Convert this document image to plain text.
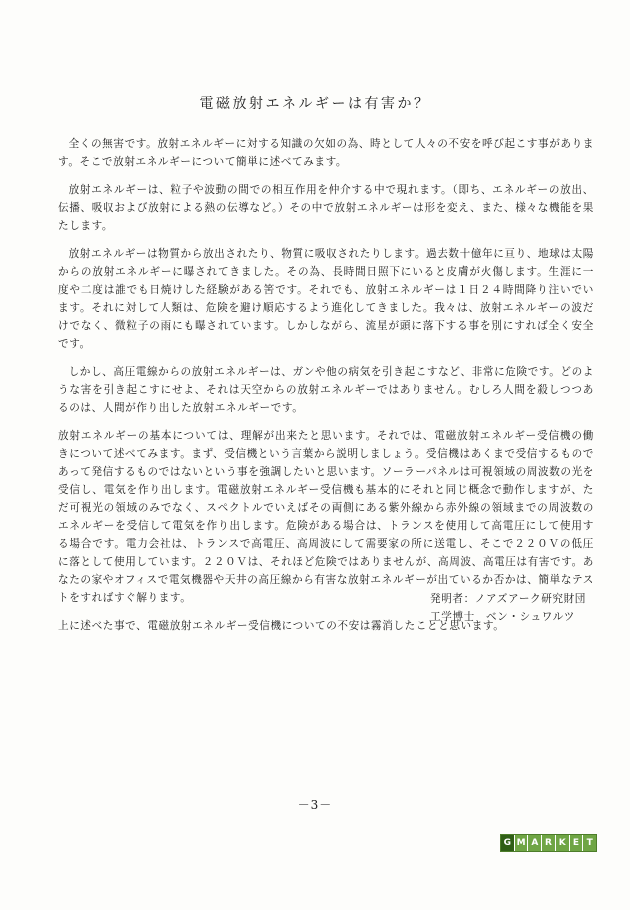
電磁放射エネルギーは有害か？

全くの無害です。放射エネルギーに対する知識の欠如の為、時として人々の不安を呼び起こす事があります。そこで放射エネルギーについて簡単に述べてみます。

放射エネルギーは、粒子や波動の間での相互作用を仲介する中で現れます。（即ち、エネルギーの放出、伝播、吸収および放射による熱の伝導など。）その中で放射エネルギーは形を変え、また、様々な機能を果たします。

放射エネルギーは物質から放出されたり、物質に吸収されたりします。過去数十億年に亘り、地球は太陽からの放射エネルギーに曝されてきました。その為、長時間日照下にいると皮膚が火傷します。生涯に一度や二度は誰でも日焼けした経験がある筈です。それでも、放射エネルギーは１日２４時間降り注いでいます。それに対して人類は、危険を避け順応するよう進化してきました。我々は、放射エネルギーの波だけでなく、微粒子の雨にも曝されています。しかしながら、流星が頭に落下する事を別にすれば全く安全です。

しかし、高圧電線からの放射エネルギーは、ガンや他の病気を引き起こすなど、非常に危険です。どのような害を引き起こすにせよ、それは天空からの放射エネルギーではありません。むしろ人間を殺しつつあるのは、人間が作り出した放射エネルギーです。

放射エネルギーの基本については、理解が出来たと思います。それでは、電磁放射エネルギー受信機の働きについて述べてみます。まず、受信機という言葉から説明しましょう。受信機はあくまで受信するものであって発信するものではないという事を強調したいと思います。ソーラーパネルは可視領域の周波数の光を受信し、電気を作り出します。電磁放射エネルギー受信機も基本的にそれと同じ概念で動作しますが、ただ可視光の領域のみでなく、スペクトルでいえばその両側にある紫外線から赤外線の領域までの周波数のエネルギーを受信して電気を作り出します。危険がある場合は、トランスを使用して高電圧にして使用する場合です。電力会社は、トランスで高電圧、高周波にして需要家の所に送電し、そこで２２０Ｖの低圧に落として使用しています。２２０Ｖは、それほど危険ではありませんが、高周波、高電圧は有害です。あなたの家やオフィスで電気機器や天井の高圧線から有害な放射エネルギーが出ているか否かは、簡単なテストをすればすぐ解ります。

上に述べた事で、電磁放射エネルギー受信機についての不安は霧消したことと思います。

発明者：ノアズアーク研究財団
工学博士　ベン・シュワルツ
－3－
G M A R K E T
